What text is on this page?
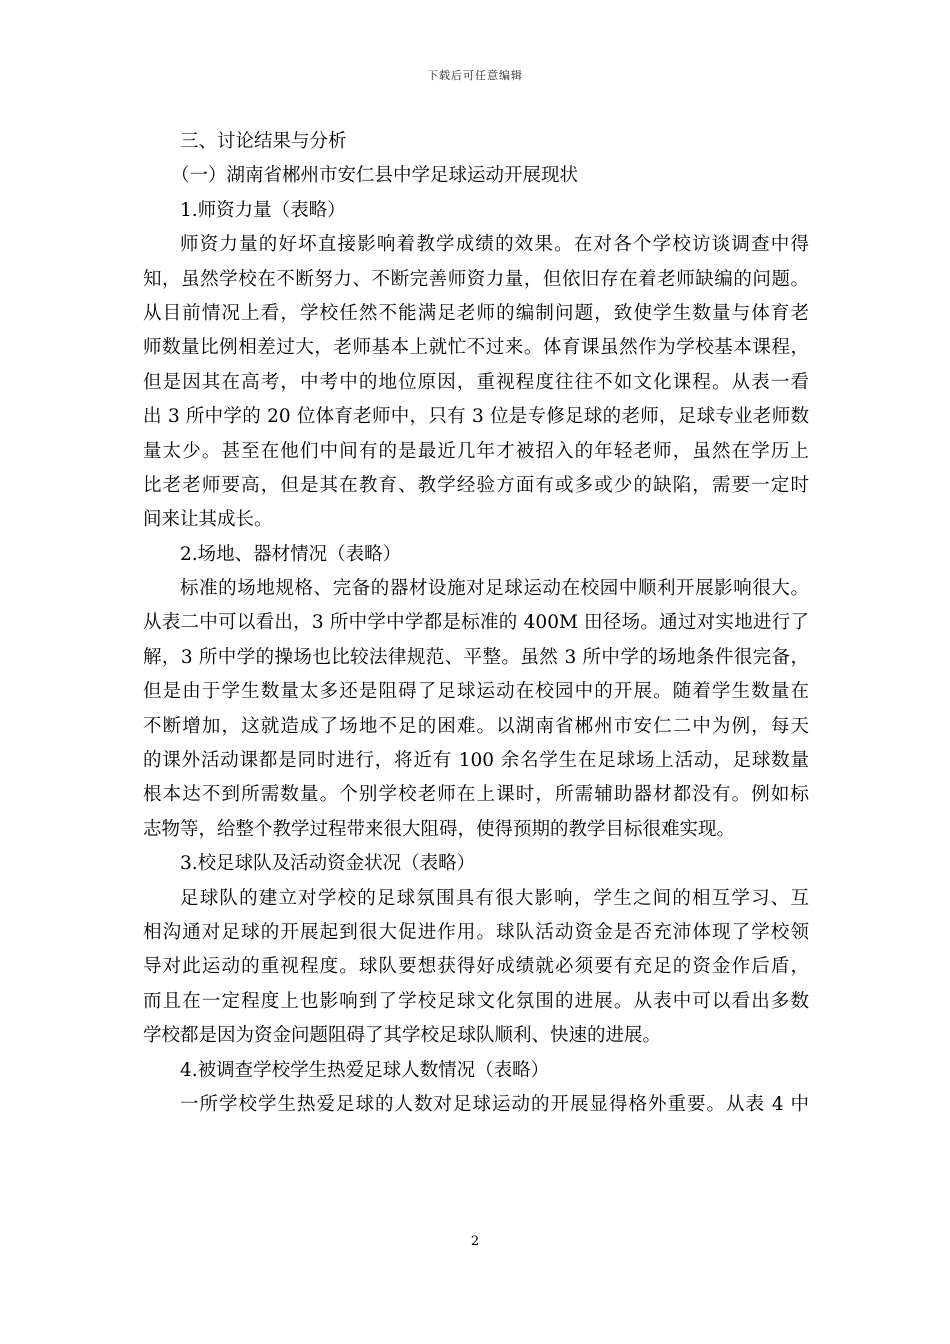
下载后可任意编辑
三、讨论结果与分析
（一）湖南省郴州市安仁县中学足球运动开展现状
1.师资力量（表略）
师资力量的好坏直接影响着教学成绩的效果。在对各个学校访谈调查中得
知，虽然学校在不断努力、不断完善师资力量，但依旧存在着老师缺编的问题。
从目前情况上看，学校任然不能满足老师的编制问题，致使学生数量与体育老
师数量比例相差过大，老师基本上就忙不过来。体育课虽然作为学校基本课程，
但是因其在高考，中考中的地位原因，重视程度往往不如文化课程。从表一看
出 3 所中学的 20 位体育老师中，只有 3 位是专修足球的老师，足球专业老师数
量太少。甚至在他们中间有的是最近几年才被招入的年轻老师，虽然在学历上
比老老师要高，但是其在教育、教学经验方面有或多或少的缺陷，需要一定时
间来让其成长。
2.场地、器材情况（表略）
标准的场地规格、完备的器材设施对足球运动在校园中顺利开展影响很大。
从表二中可以看出，3 所中学中学都是标准的 400M 田径场。通过对实地进行了
解，3 所中学的操场也比较法律规范、平整。虽然 3 所中学的场地条件很完备，
但是由于学生数量太多还是阻碍了足球运动在校园中的开展。随着学生数量在
不断增加，这就造成了场地不足的困难。以湖南省郴州市安仁二中为例，每天
的课外活动课都是同时进行，将近有 100 余名学生在足球场上活动，足球数量
根本达不到所需数量。个别学校老师在上课时，所需辅助器材都没有。例如标
志物等，给整个教学过程带来很大阻碍，使得预期的教学目标很难实现。
3.校足球队及活动资金状况（表略）
足球队的建立对学校的足球氛围具有很大影响，学生之间的相互学习、互
相沟通对足球的开展起到很大促进作用。球队活动资金是否充沛体现了学校领
导对此运动的重视程度。球队要想获得好成绩就必须要有充足的资金作后盾，
而且在一定程度上也影响到了学校足球文化氛围的进展。从表中可以看出多数
学校都是因为资金问题阻碍了其学校足球队顺利、快速的进展。
4.被调查学校学生热爱足球人数情况（表略）
一所学校学生热爱足球的人数对足球运动的开展显得格外重要。从表 4 中
2
